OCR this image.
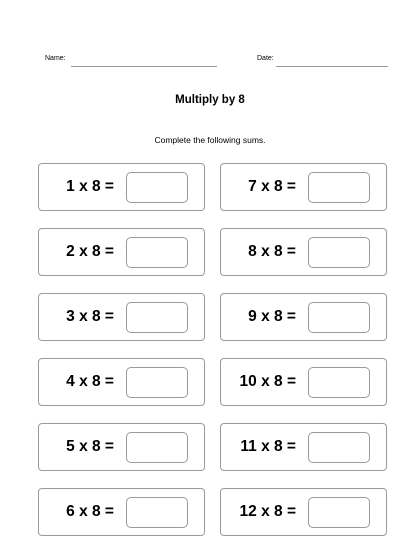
Name:	Date:
Multiply by 8
Complete the following sums.
1 x 8 =	7 x 8 =
2 x 8 =	8 x 8 =
3 x 8 =	9 x 8 =
4 x 8 =	10 x 8 =
5 x 8 =	11 x 8 =
6 x 8 =	12 x 8 =
